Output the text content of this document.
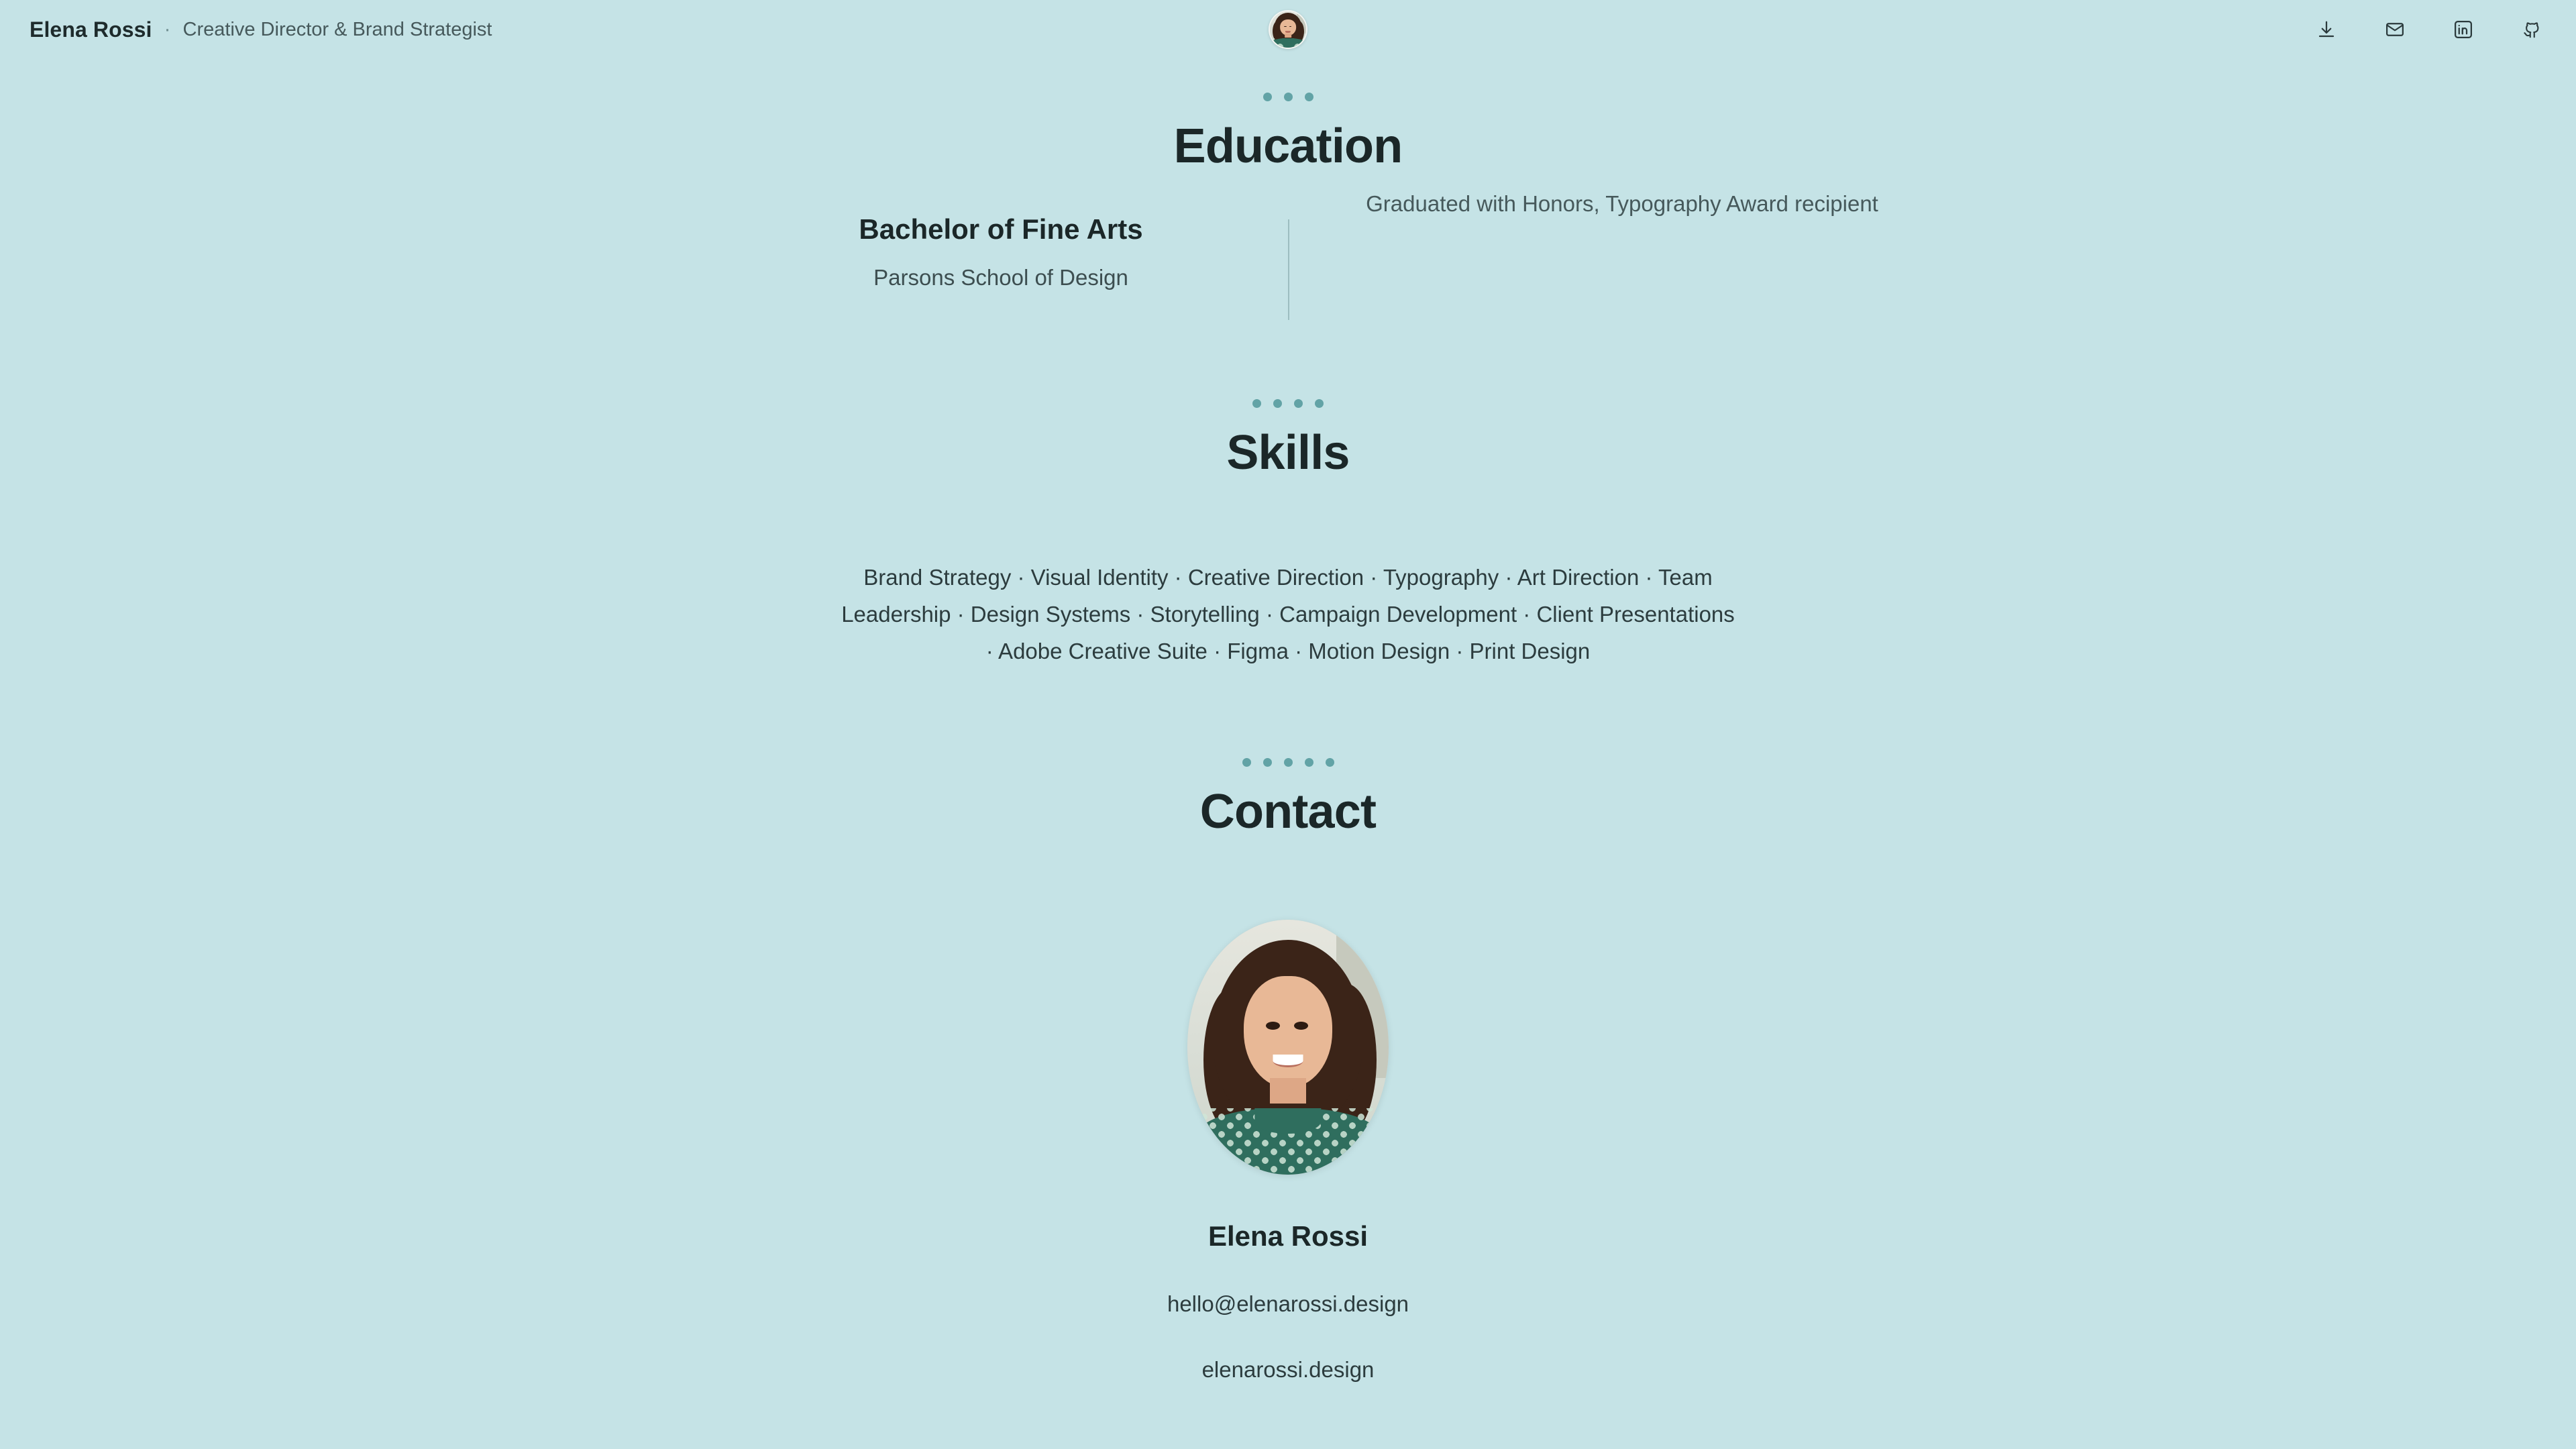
Elena Rossi · Creative Director & Brand Strategist
Education
Bachelor of Fine Arts
Parsons School of Design
Graduated with Honors, Typography Award recipient
Skills

Brand Strategy · Visual Identity · Creative Direction · Typography · Art Direction · Team Leadership · Design Systems · Storytelling · Campaign Development · Client Presentations · Adobe Creative Suite · Figma · Motion Design · Print Design

Contact
Elena Rossi
hello@elenarossi.design
elenarossi.design
